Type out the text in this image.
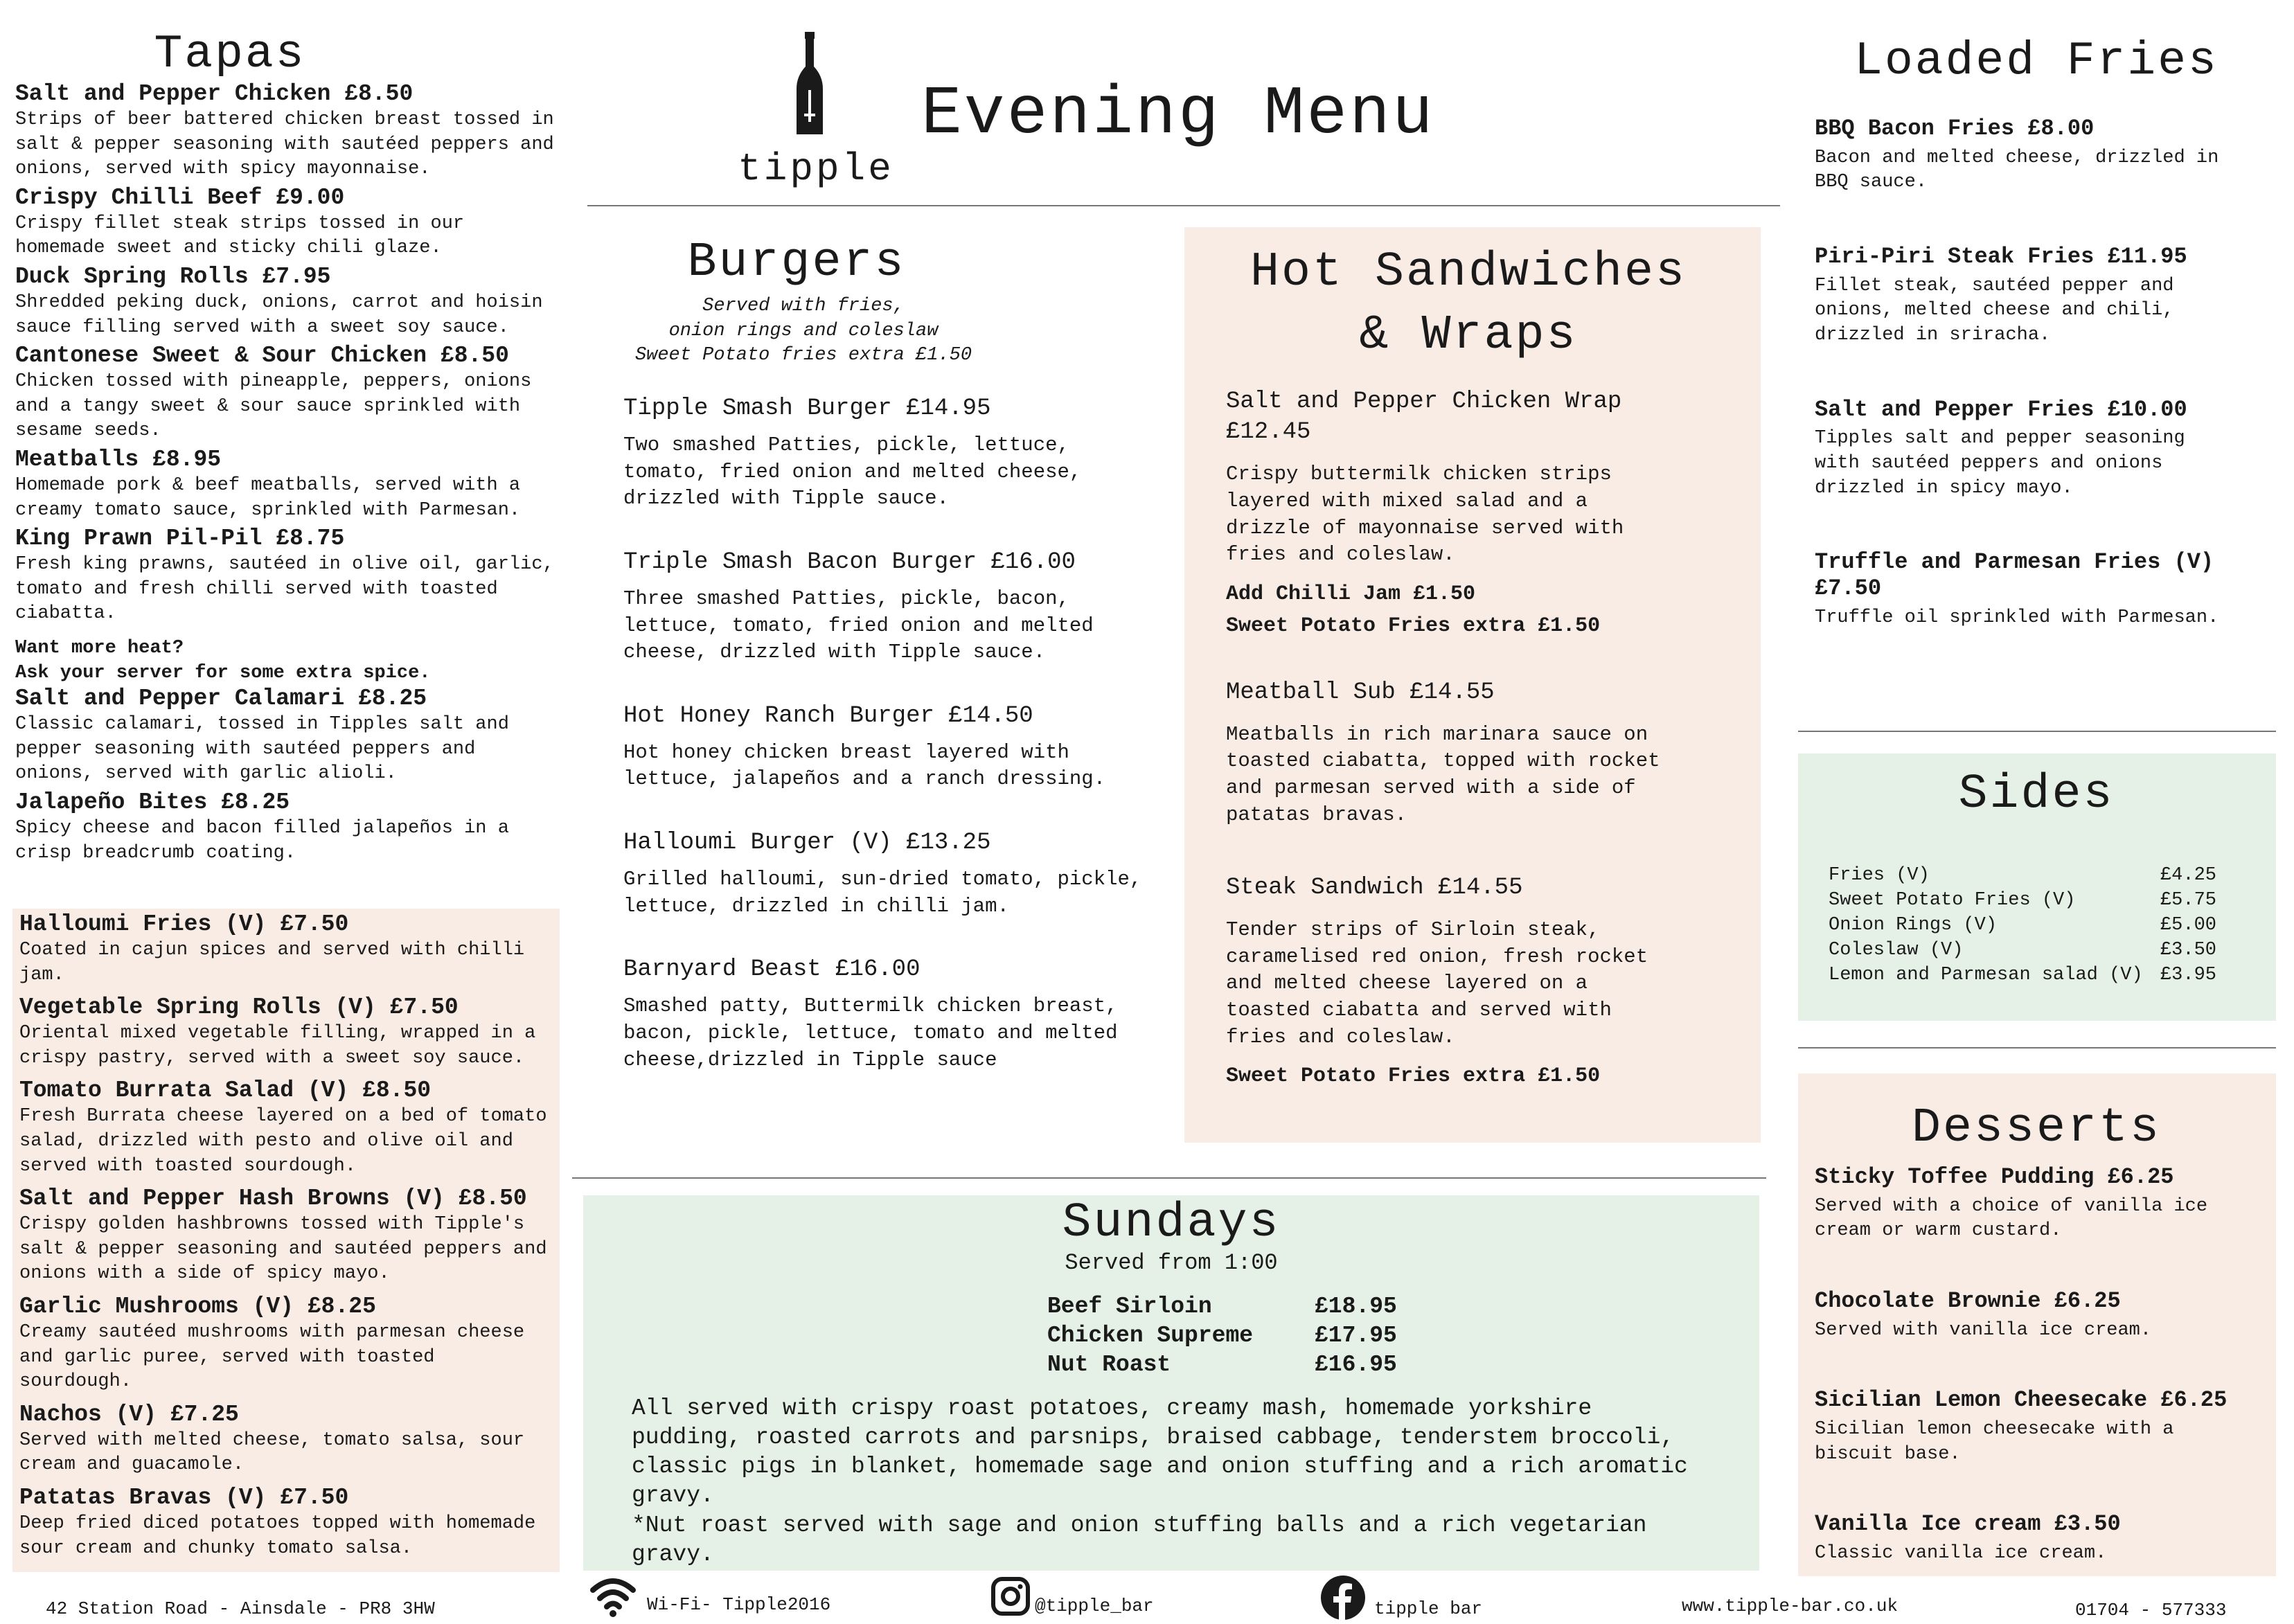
tipple
Evening Menu
Tapas

Salt and Pepper Chicken £8.50

Strips of beer battered chicken breast tossed in salt & pepper seasoning with sautéed peppers and onions, served with spicy mayonnaise.

Crispy Chilli Beef £9.00

Crispy fillet steak strips tossed in our homemade sweet and sticky chili glaze.

Duck Spring Rolls £7.95

Shredded peking duck, onions, carrot and hoisin sauce filling served with a sweet soy sauce.

Cantonese Sweet & Sour Chicken £8.50

Chicken tossed with pineapple, peppers, onions and a tangy sweet & sour sauce sprinkled with sesame seeds.

Meatballs £8.95

Homemade pork & beef meatballs, served with a creamy tomato sauce, sprinkled with Parmesan.

King Prawn Pil-Pil £8.75

Fresh king prawns, sautéed in olive oil, garlic, tomato and fresh chilli served with toasted ciabatta.

Want more heat?
Ask your server for some extra spice.

Salt and Pepper Calamari £8.25

Classic calamari, tossed in Tipples salt and pepper seasoning with sautéed peppers and onions, served with garlic alioli.

Jalapeño Bites £8.25

Spicy cheese and bacon filled jalapeños in a crisp breadcrumb coating.

Halloumi Fries (V) £7.50

Coated in cajun spices and served with chilli jam.

Vegetable Spring Rolls (V) £7.50

Oriental mixed vegetable filling, wrapped in a crispy pastry, served with a sweet soy sauce.

Tomato Burrata Salad (V) £8.50

Fresh Burrata cheese layered on a bed of tomato salad, drizzled with pesto and olive oil and served with toasted sourdough.

Salt and Pepper Hash Browns (V) £8.50

Crispy golden hashbrowns tossed with Tipple's salt & pepper seasoning and sautéed peppers and onions with a side of spicy mayo.

Garlic Mushrooms (V) £8.25

Creamy sautéed mushrooms with parmesan cheese and garlic puree, served with toasted sourdough.

Nachos (V) £7.25

Served with melted cheese, tomato salsa, sour cream and guacamole.

Patatas Bravas (V) £7.50

Deep fried diced potatoes topped with homemade sour cream and chunky tomato salsa.

Burgers
Served with fries,
onion rings and coleslaw
Sweet Potato fries extra £1.50

Tipple Smash Burger £14.95

Two smashed Patties, pickle, lettuce, tomato, fried onion and melted cheese, drizzled with Tipple sauce.

Triple Smash Bacon Burger £16.00

Three smashed Patties, pickle, bacon, lettuce, tomato, fried onion and melted cheese, drizzled with Tipple sauce.

Hot Honey Ranch Burger £14.50

Hot honey chicken breast layered with lettuce, jalapeños and a ranch dressing.

Halloumi Burger (V) £13.25

Grilled halloumi, sun-dried tomato, pickle, lettuce, drizzled in chilli jam.

Barnyard Beast £16.00

Smashed patty, Buttermilk chicken breast, bacon, pickle, lettuce, tomato and melted cheese,drizzled in Tipple sauce

Hot Sandwiches
& Wraps

Salt and Pepper Chicken Wrap
£12.45

Crispy buttermilk chicken strips layered with mixed salad and a drizzle of mayonnaise served with fries and coleslaw.

Add Chilli Jam £1.50

Sweet Potato Fries extra £1.50

Meatball Sub £14.55

Meatballs in rich marinara sauce on toasted ciabatta, topped with rocket and parmesan served with a side of patatas bravas.

Steak Sandwich £14.55

Tender strips of Sirloin steak, caramelised red onion, fresh rocket and melted cheese layered on a toasted ciabatta and served with fries and coleslaw.

Sweet Potato Fries extra £1.50

Sundays
Served from 1:00
Beef Sirloin	£18.95
Chicken Supreme	£17.95
Nut Roast	£16.95

All served with crispy roast potatoes, creamy mash, homemade yorkshire pudding, roasted carrots and parsnips, braised cabbage, tenderstem broccoli, classic pigs in blanket, homemade sage and onion stuffing and a rich aromatic gravy.

*Nut roast served with sage and onion stuffing balls and a rich vegetarian gravy.

Loaded Fries

BBQ Bacon Fries £8.00

Bacon and melted cheese, drizzled in BBQ sauce.

Piri-Piri Steak Fries £11.95

Fillet steak, sautéed pepper and onions, melted cheese and chili, drizzled in sriracha.

Salt and Pepper Fries £10.00

Tipples salt and pepper seasoning with sautéed peppers and onions drizzled in spicy mayo.

Truffle and Parmesan Fries (V) £7.50

Truffle oil sprinkled with Parmesan.

Sides
Fries (V)	£4.25
Sweet Potato Fries (V)	£5.75
Onion Rings (V)	£5.00
Coleslaw (V)	£3.50
Lemon and Parmesan salad (V) £3.95
Desserts

Sticky Toffee Pudding £6.25

Served with a choice of vanilla ice cream or warm custard.

Chocolate Brownie £6.25

Served with vanilla ice cream.

Sicilian Lemon Cheesecake £6.25

Sicilian lemon cheesecake with a biscuit base.

Vanilla Ice cream £3.50

Classic vanilla ice cream.

42 Station Road - Ainsdale - PR8 3HW	Wi-Fi- Tipple2016	@tipple_bar	tipple bar	www.tipple-bar.co.uk	01704 - 577333
